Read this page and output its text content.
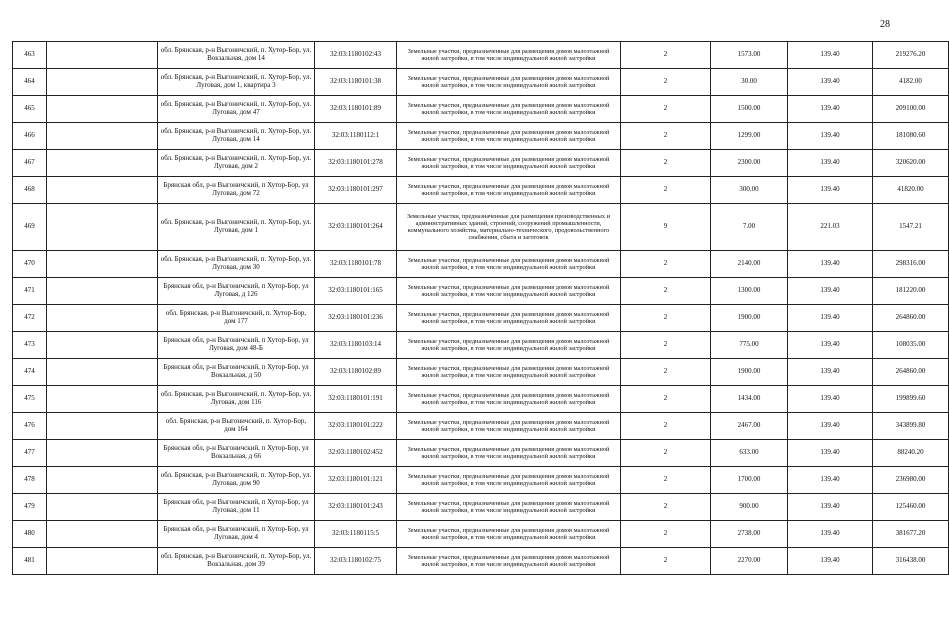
28
463		обл. Брянская, р-н Выгоничский, п. Хутор-Бор, ул. Вокзальная, дом 14	32:03:1180102:43	Земельные участки, предназначенные для размещения домов малоэтажной жилой застройки, в том числе индивидуальной жилой застройки	2	1573.00	139.40	219276.20
464		обл. Брянская, р-н Выгоничский, п. Хутор-Бор, ул. Луговая, дом 1, квартира 3	32:03:1180101:38	Земельные участки, предназначенные для размещения домов малоэтажной жилой застройки, в том числе индивидуальной жилой застройки	2	30.00	139.40	4182.00
465		обл. Брянская, р-н Выгоничский, п. Хутор-Бор, ул. Луговая, дом 47	32:03:1180101:89	Земельные участки, предназначенные для размещения домов малоэтажной жилой застройки, в том числе индивидуальной жилой застройки	2	1500.00	139.40	209100.00
466		обл. Брянская, р-н Выгоничский, п. Хутор-Бор, ул. Луговая, дом 14	32:03:1180112:1	Земельные участки, предназначенные для размещения домов малоэтажной жилой застройки, в том числе индивидуальной жилой застройки	2	1299.00	139.40	181080.60
467		обл. Брянская, р-н Выгоничский, п. Хутор-Бор, ул. Луговая, дом 2	32:03:1180101:278	Земельные участки, предназначенные для размещения домов малоэтажной жилой застройки, в том числе индивидуальной жилой застройки	2	2300.00	139.40	320620.00
468		Брянская обл, р-н Выгоничский, п Хутор-Бор, ул Луговая, дом 72	32:03:1180101:297	Земельные участки, предназначенные для размещения домов малоэтажной жилой застройки, в том числе индивидуальной жилой застройки	2	300.00	139.40	41820.00
469		обл. Брянская, р-н Выгоничский, п. Хутор-Бор, ул. Луговая, дом 1	32:03:1180101:264	Земельные участки, предназначенные для размещения производственных и административных зданий, строений, сооружений промышленности, коммунального хозяйства, материально-технического, продовольственного снабжения, сбыта и заготовок	9	7.00	221.03	1547.21
470		обл. Брянская, р-н Выгоничский, п. Хутор-Бор, ул. Луговая, дом 30	32:03:1180101:78	Земельные участки, предназначенные для размещения домов малоэтажной жилой застройки, в том числе индивидуальной жилой застройки	2	2140.00	139.40	298316.00
471		Брянская обл, р-н Выгоничский, п Хутор-Бор, ул Луговая, д 126	32:03:1180101:165	Земельные участки, предназначенные для размещения домов малоэтажной жилой застройки, в том числе индивидуальной жилой застройки	2	1300.00	139.40	181220.00
472		обл. Брянская, р-н Выгоничский, п. Хутор-Бор, дом 177	32:03:1180101:236	Земельные участки, предназначенные для размещения домов малоэтажной жилой застройки, в том числе индивидуальной жилой застройки	2	1900.00	139.40	264860.00
473		Брянская обл, р-н Выгоничский, п Хутор-Бор, ул Луговая, дом 48-Б	32:03:1180103:14	Земельные участки, предназначенные для размещения домов малоэтажной жилой застройки, в том числе индивидуальной жилой застройки	2	775.00	139.40	108035.00
474		Брянская обл, р-н Выгоничский, п Хутор-Бор, ул Вокзальная, д 50	32:03:1180102:89	Земельные участки, предназначенные для размещения домов малоэтажной жилой застройки, в том числе индивидуальной жилой застройки	2	1900.00	139.40	264860.00
475		обл. Брянская, р-н Выгоничский, п. Хутор-Бор, ул. Луговая, дом 116	32:03:1180101:191	Земельные участки, предназначенные для размещения домов малоэтажной жилой застройки, в том числе индивидуальной жилой застройки	2	1434.00	139.40	199899.60
476		обл. Брянская, р-н Выгоничский, п. Хутор-Бор, дом 164	32:03:1180101:222	Земельные участки, предназначенные для размещения домов малоэтажной жилой застройки, в том числе индивидуальной жилой застройки	2	2467.00	139.40	343899.80
477		Брянская обл, р-н Выгоничский, п Хутор-Бор, ул Вокзальная, д 66	32:03:1180102:452	Земельные участки, предназначенные для размещения домов малоэтажной жилой застройки, в том числе индивидуальной жилой застройки	2	633.00	139.40	88240.20
478		обл. Брянская, р-н Выгоничский, п. Хутор-Бор, ул. Луговая, дом 90	32:03:1180101:121	Земельные участки, предназначенные для размещения домов малоэтажной жилой застройки, в том числе индивидуальной жилой застройки	2	1700.00	139.40	236980.00
479		Брянская обл, р-н Выгоничский, п Хутор-Бор, ул Луговая, дом 11	32:03:1180101:243	Земельные участки, предназначенные для размещения домов малоэтажной жилой застройки, в том числе индивидуальной жилой застройки	2	900.00	139.40	125460.00
480		Брянская обл, р-н Выгоничский, п Хутор-Бор, ул Луговая, дом 4	32:03:1180115:5	Земельные участки, предназначенные для размещения домов малоэтажной жилой застройки, в том числе индивидуальной жилой застройки	2	2738.00	139.40	381677.20
481		обл. Брянская, р-н Выгоничский, п. Хутор-Бор, ул. Вокзальная, дом 39	32:03:1180102:75	Земельные участки, предназначенные для размещения домов малоэтажной жилой застройки, в том числе индивидуальной жилой застройки	2	2270.00	139.40	316438.00
